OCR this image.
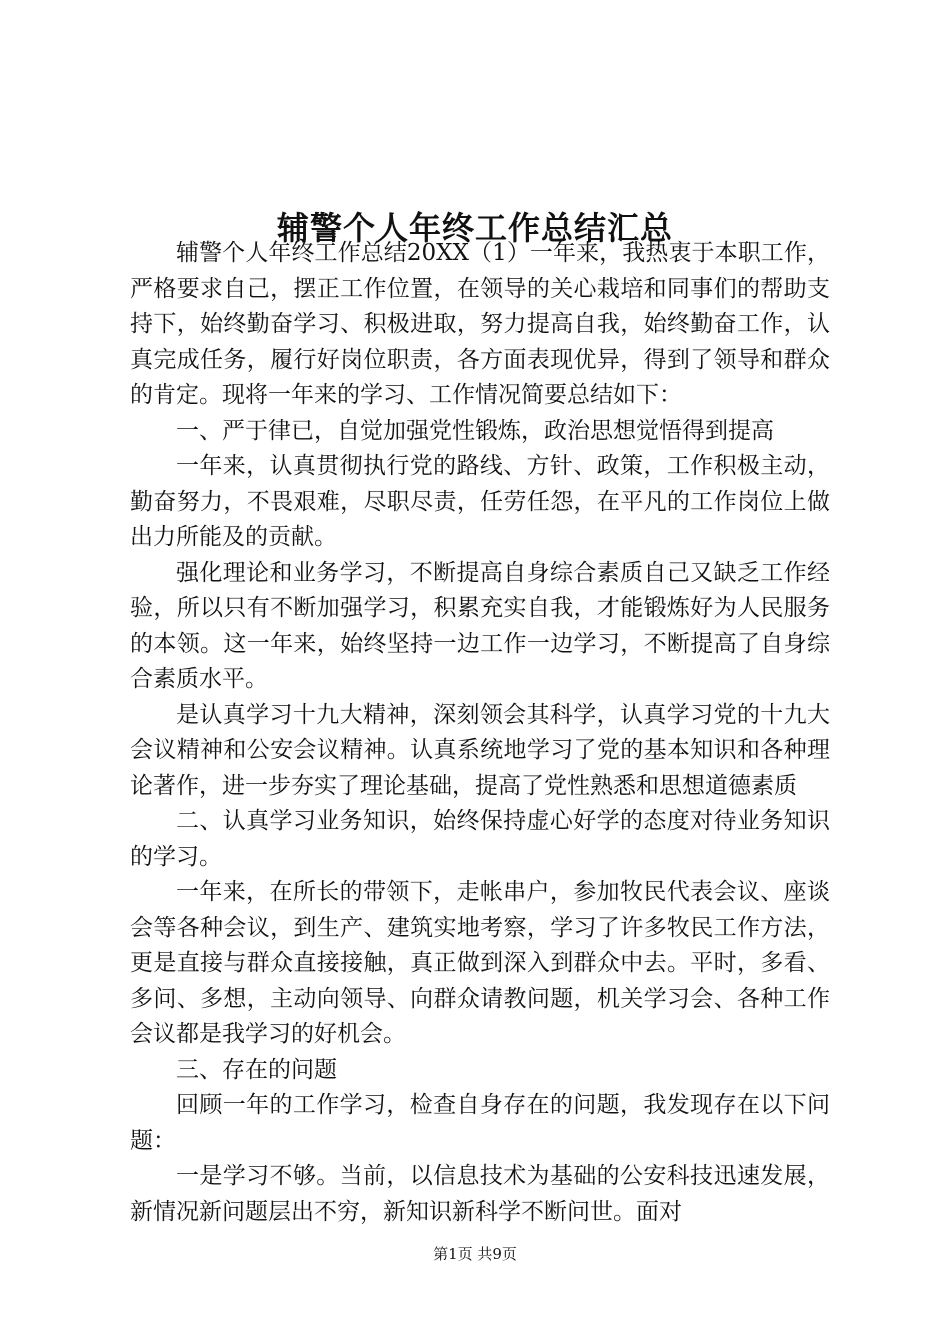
辅警个人年终工作总结汇总

辅警个人年终工作总结20XX（1）一年来，我热衷于本职工作，严格要求自己，摆正工作位置，在领导的关心栽培和同事们的帮助支持下，始终勤奋学习、积极进取，努力提高自我，始终勤奋工作，认真完成任务，履行好岗位职责，各方面表现优异，得到了领导和群众的肯定。现将一年来的学习、工作情况简要总结如下：

一、严于律已，自觉加强党性锻炼，政治思想觉悟得到提高

一年来，认真贯彻执行党的路线、方针、政策，工作积极主动，勤奋努力，不畏艰难，尽职尽责，任劳任怨，在平凡的工作岗位上做出力所能及的贡献。

强化理论和业务学习，不断提高自身综合素质自己又缺乏工作经验，所以只有不断加强学习，积累充实自我，才能锻炼好为人民服务的本领。这一年来，始终坚持一边工作一边学习，不断提高了自身综合素质水平。

是认真学习十九大精神，深刻领会其科学，认真学习党的十九大会议精神和公安会议精神。认真系统地学习了党的基本知识和各种理论著作，进一步夯实了理论基础，提高了党性熟悉和思想道德素质

二、认真学习业务知识，始终保持虚心好学的态度对待业务知识的学习。

一年来，在所长的带领下，走帐串户，参加牧民代表会议、座谈会等各种会议，到生产、建筑实地考察，学习了许多牧民工作方法，更是直接与群众直接接触，真正做到深入到群众中去。平时，多看、多问、多想，主动向领导、向群众请教问题，机关学习会、各种工作会议都是我学习的好机会。

三、存在的问题

回顾一年的工作学习，检查自身存在的问题，我发现存在以下问题：

一是学习不够。当前，以信息技术为基础的公安科技迅速发展，新情况新问题层出不穷，新知识新科学不断问世。面对

第1页 共9页
